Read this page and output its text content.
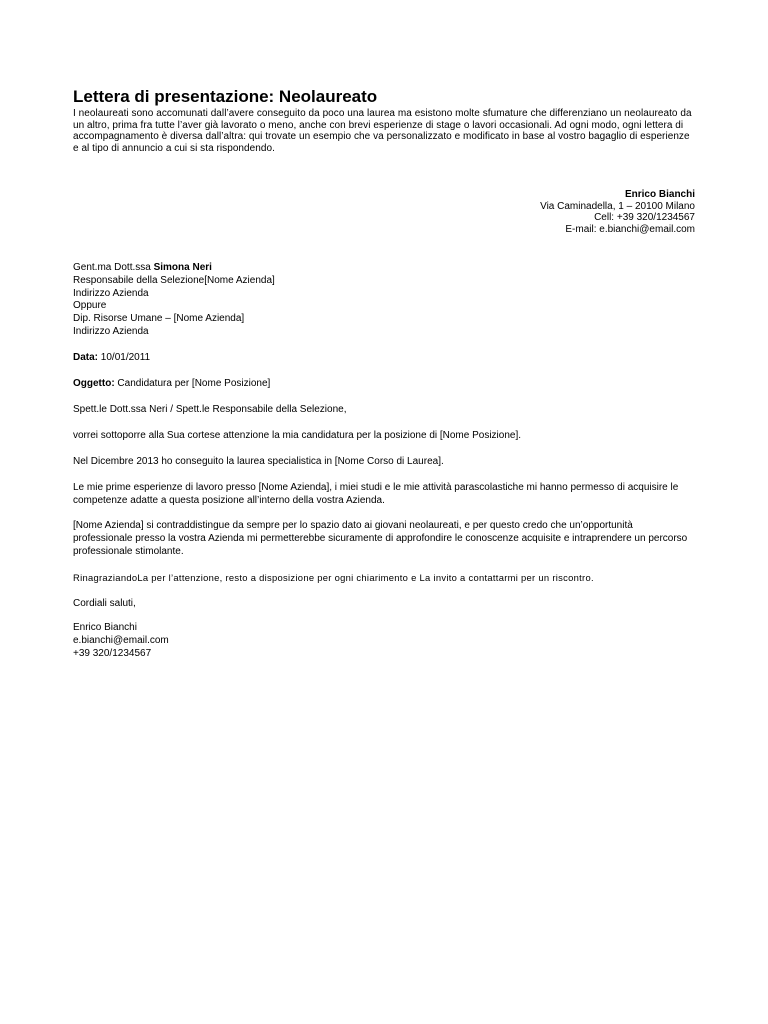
Lettera di presentazione: Neolaureato

I neolaureati sono accomunati dall’avere conseguito da poco una laurea ma esistono molte sfumature che differenziano un neolaureato da un altro, prima fra tutte l’aver già lavorato o meno, anche con brevi esperienze di stage o lavori occasionali. Ad ogni modo, ogni lettera di accompagnamento è diversa dall’altra: qui trovate un esempio che va personalizzato e modificato in base al vostro bagaglio di esperienze e al tipo di annuncio a cui si sta rispondendo.

Enrico Bianchi
Via Caminadella, 1 – 20100 Milano
Cell: +39 320/1234567
E-mail: e.bianchi@email.com
Gent.ma Dott.ssa Simona Neri
Responsabile della Selezione[Nome Azienda]
Indirizzo Azienda
Oppure
Dip. Risorse Umane – [Nome Azienda]
Indirizzo Azienda
Data: 10/01/2011
Oggetto: Candidatura per [Nome Posizione]
Spett.le Dott.ssa Neri / Spett.le Responsabile della Selezione,
vorrei sottoporre alla Sua cortese attenzione la mia candidatura per la posizione di [Nome Posizione].
Nel Dicembre 2013 ho conseguito la laurea specialistica in [Nome Corso di Laurea].
Le mie prime esperienze di lavoro presso [Nome Azienda], i miei studi e le mie attività parascolastiche mi hanno permesso di acquisire le competenze adatte a questa posizione all’interno della vostra Azienda.
[Nome Azienda] si contraddistingue da sempre per lo spazio dato ai giovani neolaureati, e per questo credo che un’opportunità professionale presso la vostra Azienda mi permetterebbe sicuramente di approfondire le conoscenze acquisite e intraprendere un percorso professionale stimolante.
RinagraziandoLa per l’attenzione, resto a disposizione per ogni chiarimento e La invito a contattarmi per un riscontro.
Cordiali saluti,
Enrico Bianchi
e.bianchi@email.com
+39 320/1234567
